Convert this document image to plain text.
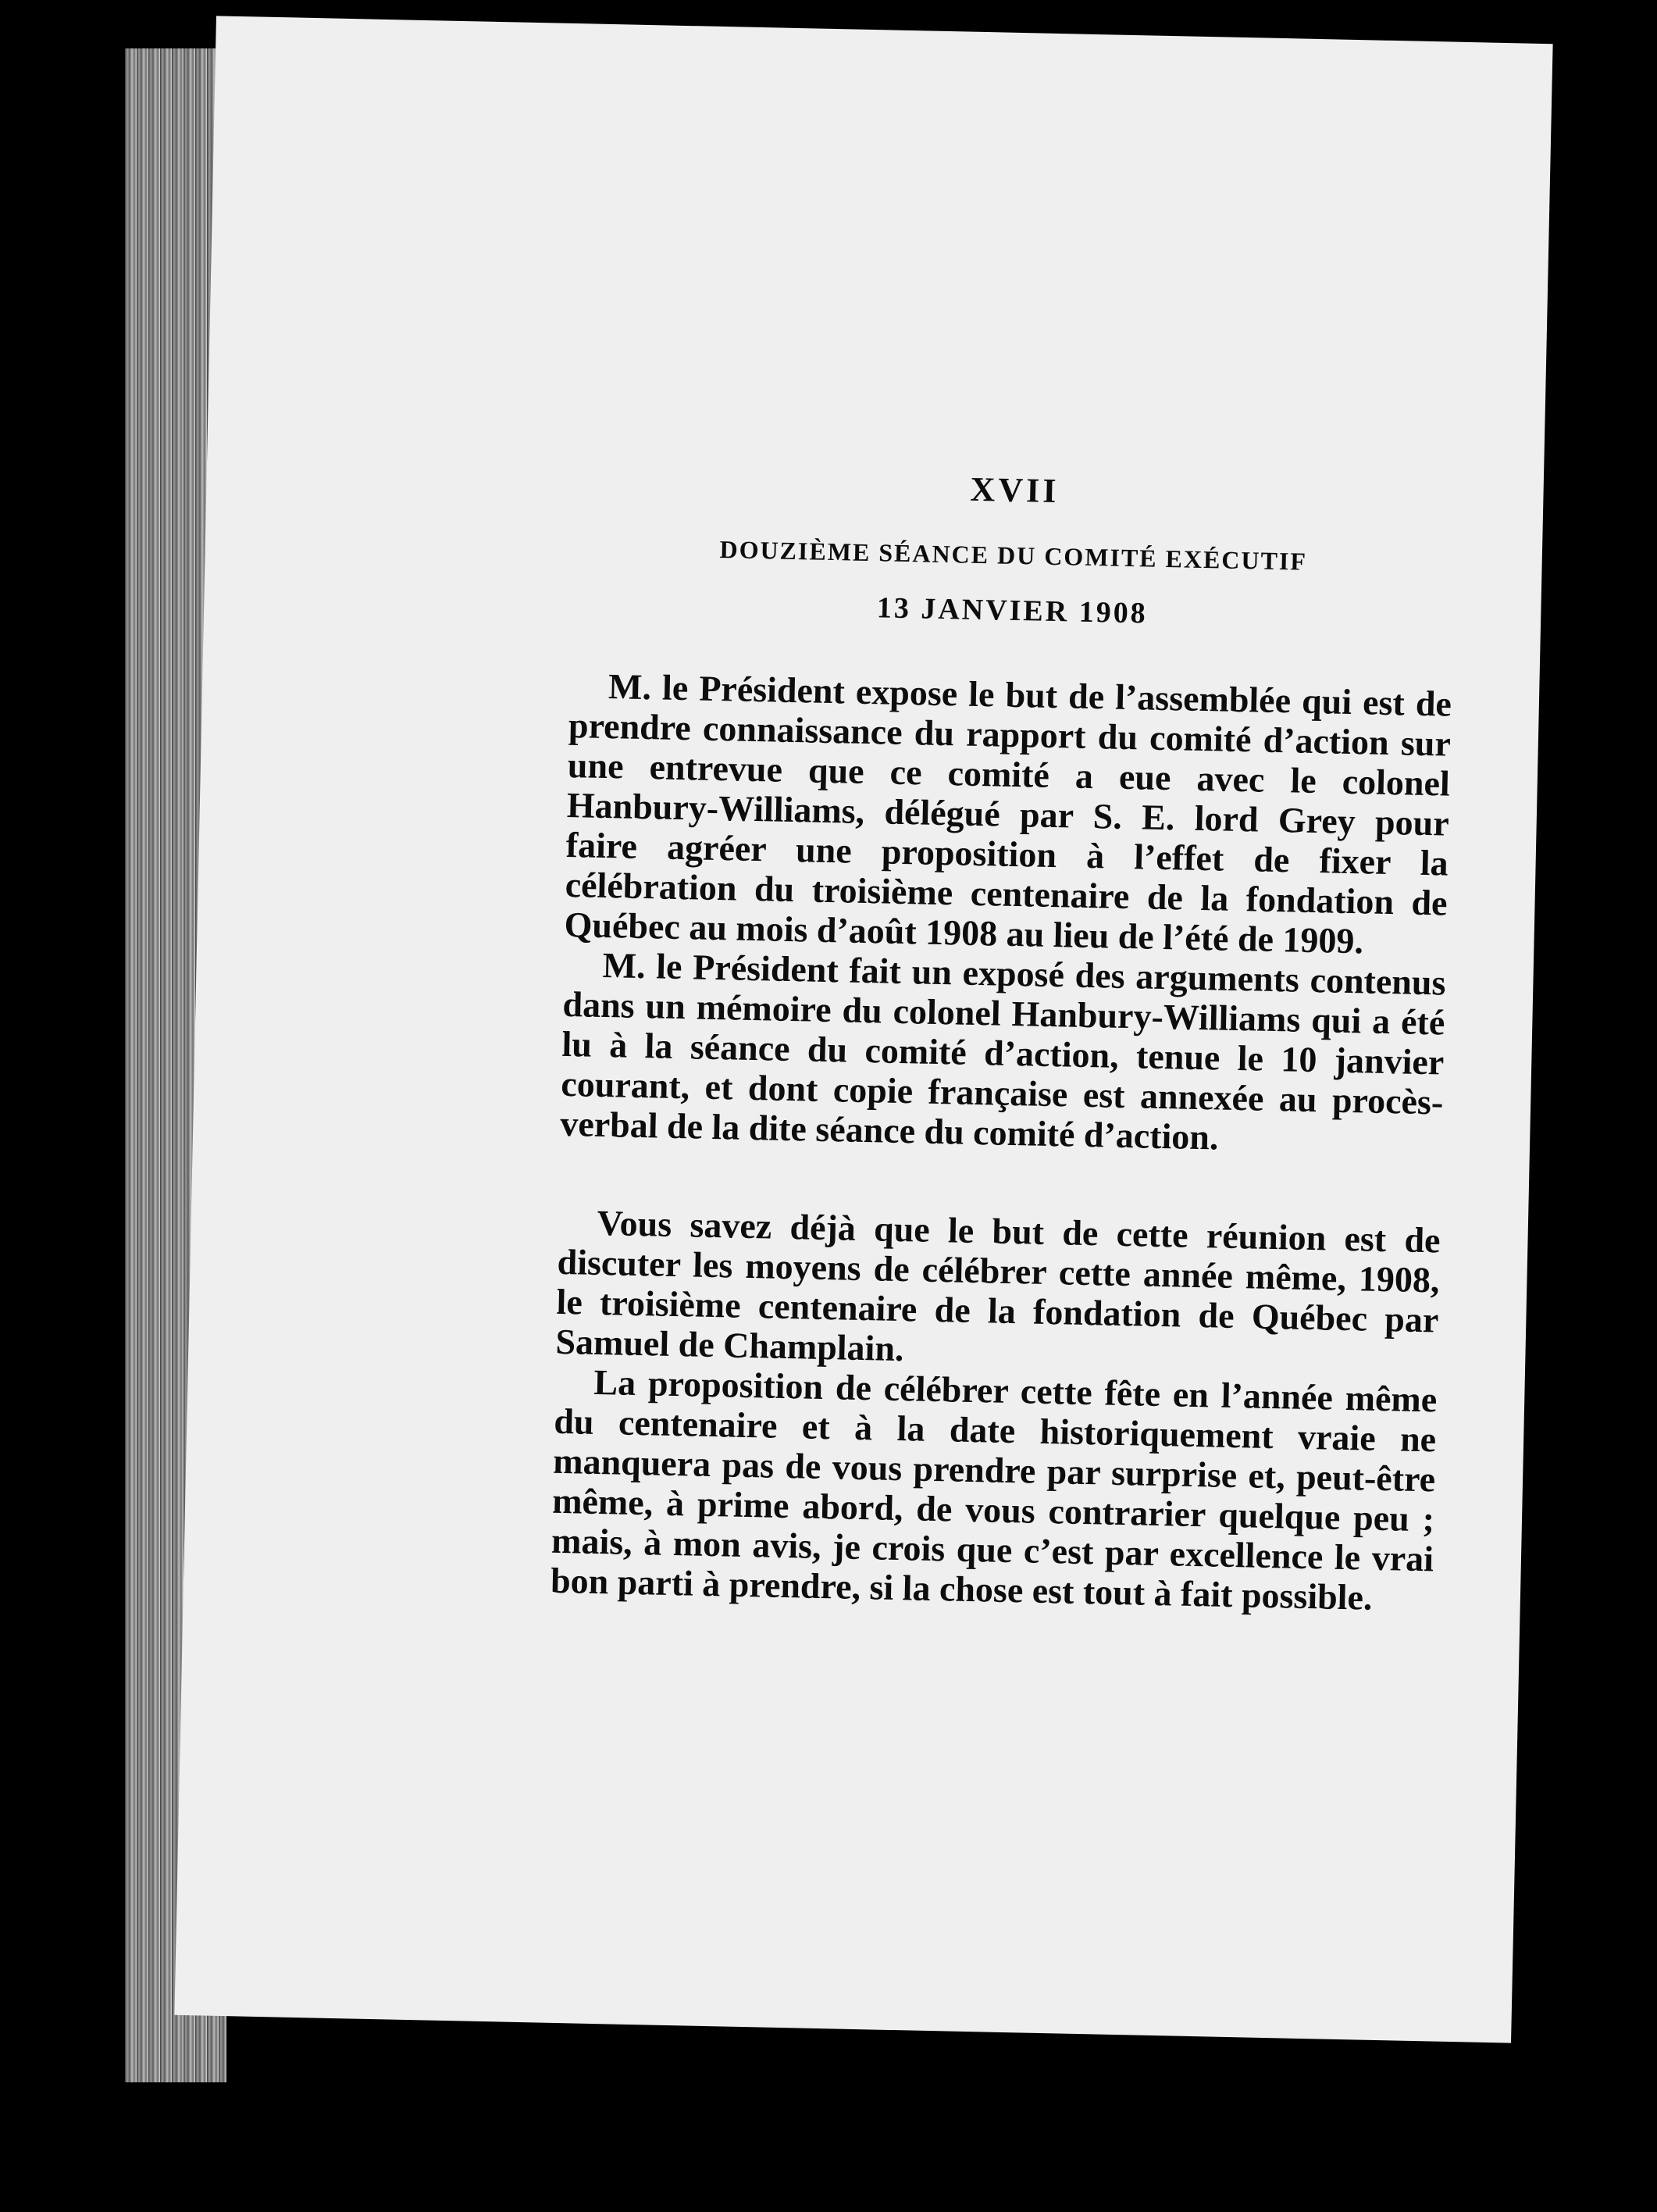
XVII
DOUZIÈME SÉANCE DU COMITÉ EXÉCUTIF
13 JANVIER 1908

M. le Président expose le but de l’assemblée qui est de prendre connaissance du rapport du comité d’action sur une entrevue que ce comité a eue avec le colonel Hanbury-Williams, délégué par S. E. lord Grey pour faire agréer une proposition à l’effet de fixer la célébration du troisième centenaire de la fondation de Québec au mois d’août 1908 au lieu de l’été de 1909.

M. le Président fait un exposé des arguments contenus dans un mémoire du colonel Hanbury-Williams qui a été lu à la séance du comité d’action, tenue le 10 janvier courant, et dont copie française est annexée au procès-verbal de la dite séance du comité d’action.

Vous savez déjà que le but de cette réunion est de discuter les moyens de célébrer cette année même, 1908, le troisième centenaire de la fondation de Québec par Samuel de Champlain.

La proposition de célébrer cette fête en l’année même du centenaire et à la date historiquement vraie ne manquera pas de vous prendre par surprise et, peut-être même, à prime abord, de vous contrarier quelque peu ; mais, à mon avis, je crois que c’est par excellence le vrai bon parti à prendre, si la chose est tout à fait possible.
